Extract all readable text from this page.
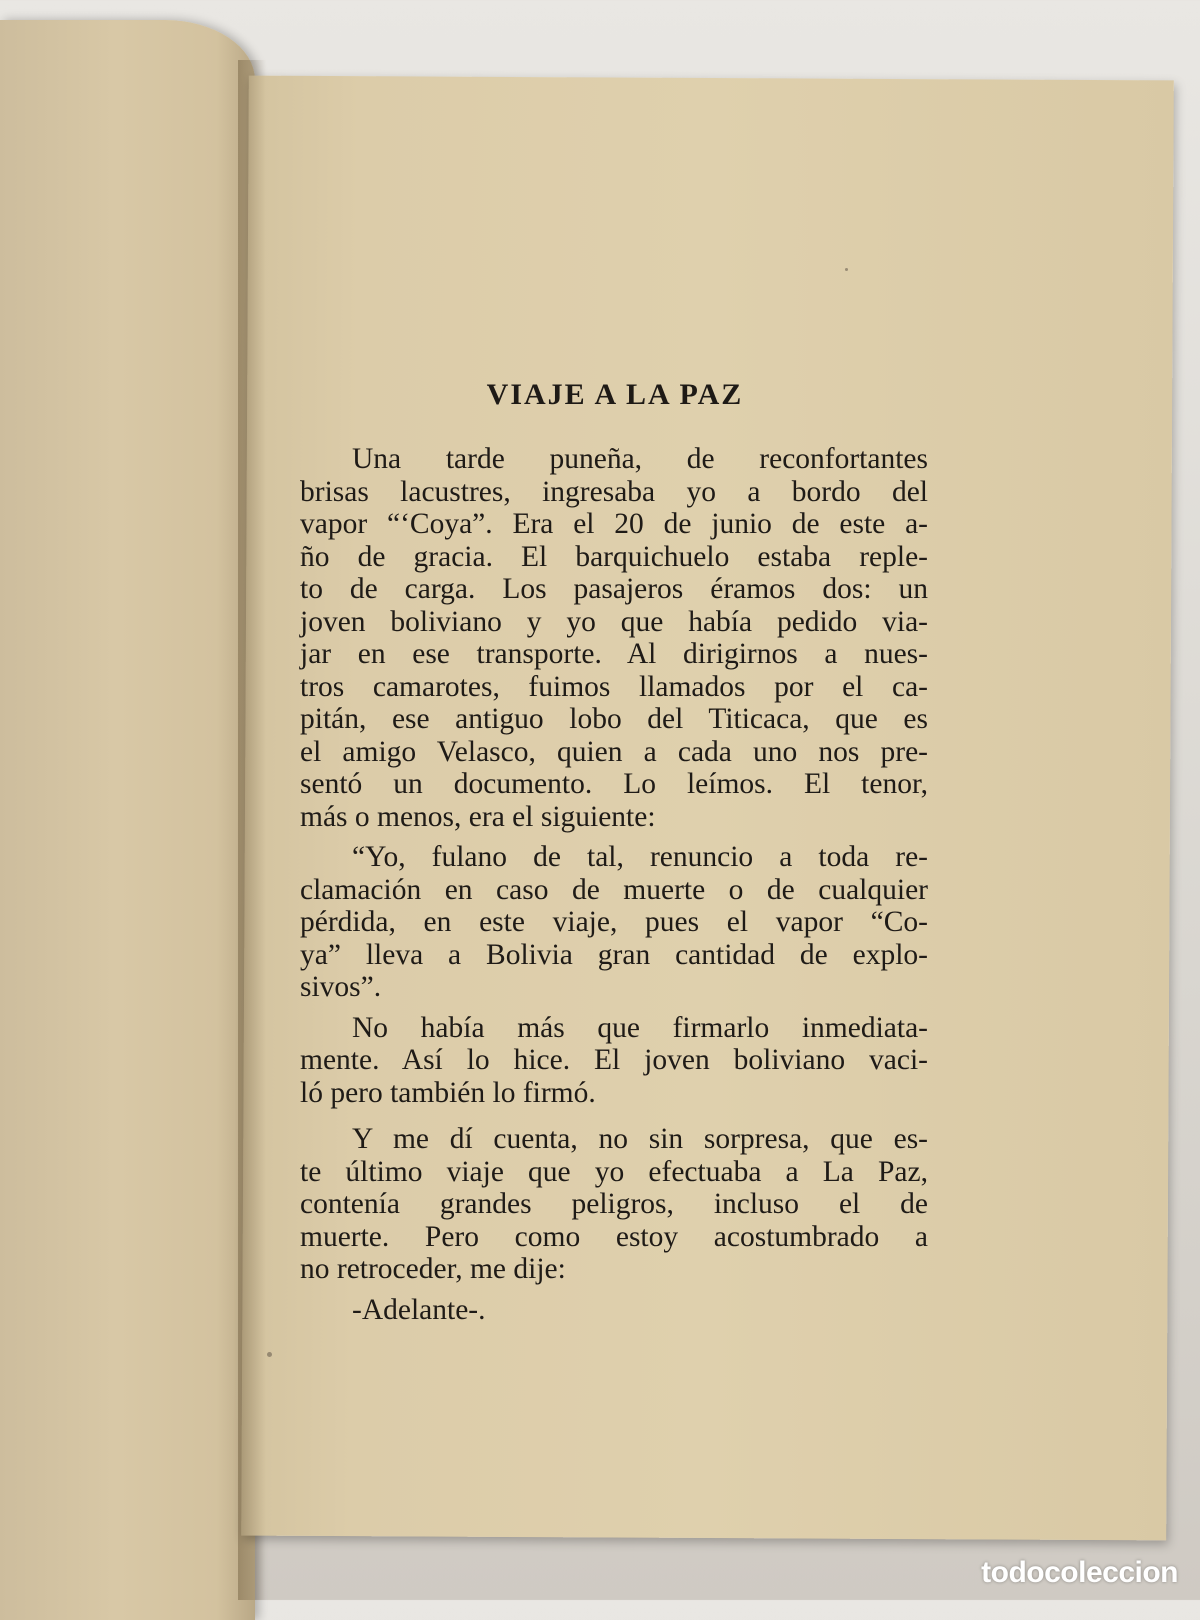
VIAJE A LA PAZ

Una tarde puneña, de reconfortantes
brisas lacustres, ingresaba yo a bordo del
vapor “‘Coya”. Era el 20 de junio de este a-
ño de gracia. El barquichuelo estaba reple-
to de carga. Los pasajeros éramos dos: un
joven boliviano y yo que había pedido via-
jar en ese transporte. Al dirigirnos a nues-
tros camarotes, fuimos llamados por el ca-
pitán, ese antiguo lobo del Titicaca, que es
el amigo Velasco, quien a cada uno nos pre-
sentó un documento. Lo leímos. El tenor,
más o menos, era el siguiente:

“Yo, fulano de tal, renuncio a toda re-
clamación en caso de muerte o de cualquier
pérdida, en este viaje, pues el vapor “Co-
ya” lleva a Bolivia gran cantidad de explo-
sivos”.

No había más que firmarlo inmediata-
mente. Así lo hice. El joven boliviano vaci-
ló pero también lo firmó.

Y me dí cuenta, no sin sorpresa, que es-
te último viaje que yo efectuaba a La Paz,
contenía grandes peligros, incluso el de
muerte. Pero como estoy acostumbrado a
no retroceder, me dije:

-Adelante-.

todocoleccion
